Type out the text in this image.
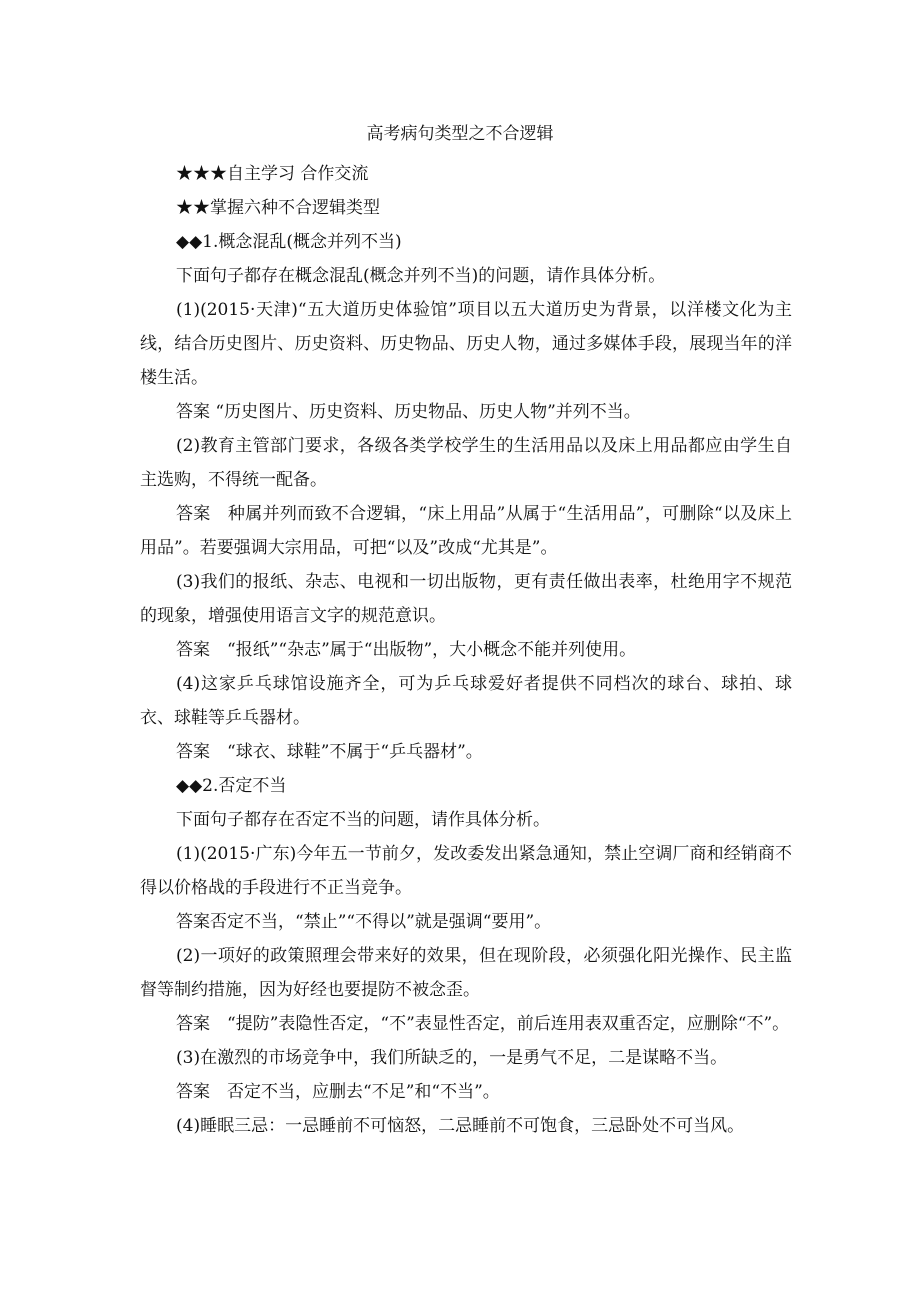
高考病句类型之不合逻辑

★★★自主学习 合作交流

★★掌握六种不合逻辑类型

◆◆1.概念混乱(概念并列不当)

下面句子都存在概念混乱(概念并列不当)的问题，请作具体分析。

(1)(2015·天津)“五大道历史体验馆”项目以五大道历史为背景，以洋楼文化为主线，结合历史图片、历史资料、历史物品、历史人物，通过多媒体手段，展现当年的洋楼生活。

答案 “历史图片、历史资料、历史物品、历史人物”并列不当。

(2)教育主管部门要求，各级各类学校学生的生活用品以及床上用品都应由学生自主选购，不得统一配备。

答案　种属并列而致不合逻辑，“床上用品”从属于“生活用品”，可删除“以及床上用品”。若要强调大宗用品，可把“以及”改成“尤其是”。

(3)我们的报纸、杂志、电视和一切出版物，更有责任做出表率，杜绝用字不规范的现象，增强使用语言文字的规范意识。

答案　“报纸”“杂志”属于“出版物”，大小概念不能并列使用。

(4)这家乒乓球馆设施齐全，可为乒乓球爱好者提供不同档次的球台、球拍、球衣、球鞋等乒乓器材。

答案　“球衣、球鞋”不属于“乒乓器材”。

◆◆2.否定不当

下面句子都存在否定不当的问题，请作具体分析。

(1)(2015·广东)今年五一节前夕，发改委发出紧急通知，禁止空调厂商和经销商不得以价格战的手段进行不正当竞争。

答案否定不当，“禁止”“不得以”就是强调“要用”。

(2)一项好的政策照理会带来好的效果，但在现阶段，必须强化阳光操作、民主监督等制约措施，因为好经也要提防不被念歪。

答案　“提防”表隐性否定，“不”表显性否定，前后连用表双重否定，应删除“不”。

(3)在激烈的市场竞争中，我们所缺乏的，一是勇气不足，二是谋略不当。

答案　否定不当，应删去“不足”和“不当”。

(4)睡眠三忌：一忌睡前不可恼怒，二忌睡前不可饱食，三忌卧处不可当风。
